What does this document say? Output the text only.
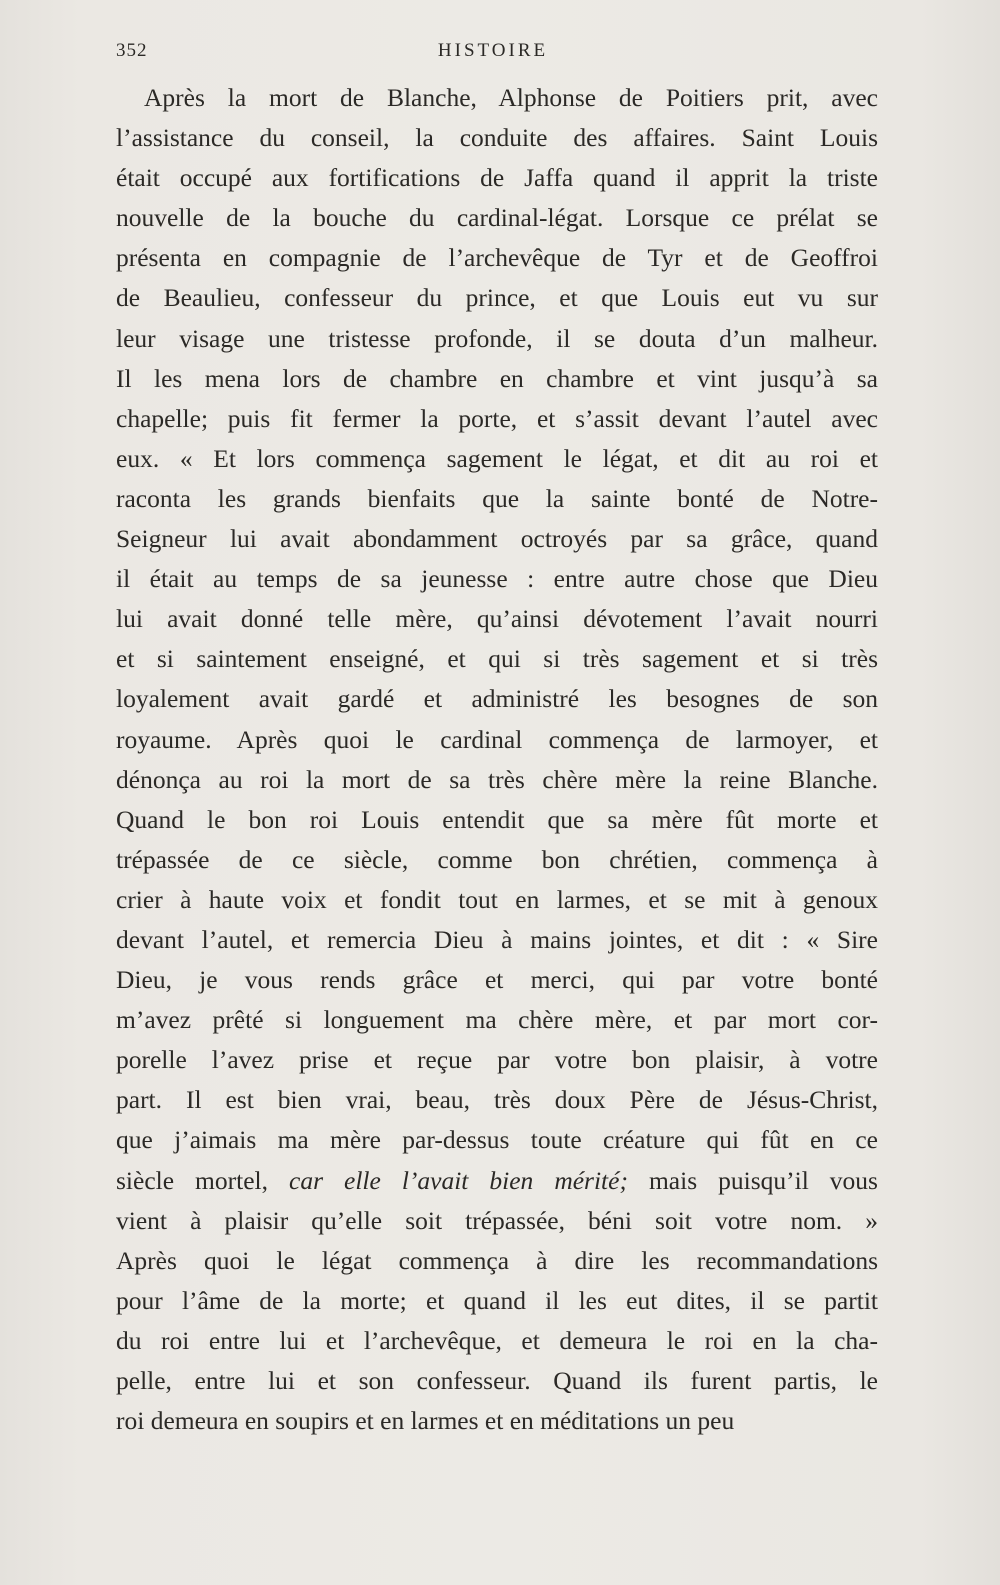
352	HISTOIRE
Après la mort de Blanche, Alphonse de Poitiers prit, avec
l’assistance du conseil, la conduite des affaires. Saint Louis
était occupé aux fortifications de Jaffa quand il apprit la triste
nouvelle de la bouche du cardinal-légat. Lorsque ce prélat se
présenta en compagnie de l’archevêque de Tyr et de Geoffroi
de Beaulieu, confesseur du prince, et que Louis eut vu sur
leur visage une tristesse profonde, il se douta d’un malheur.
Il les mena lors de chambre en chambre et vint jusqu’à sa
chapelle; puis fit fermer la porte, et s’assit devant l’autel avec
eux. « Et lors commença sagement le légat, et dit au roi et
raconta les grands bienfaits que la sainte bonté de Notre-
Seigneur lui avait abondamment octroyés par sa grâce, quand
il était au temps de sa jeunesse : entre autre chose que Dieu
lui avait donné telle mère, qu’ainsi dévotement l’avait nourri
et si saintement enseigné, et qui si très sagement et si très
loyalement avait gardé et administré les besognes de son
royaume. Après quoi le cardinal commença de larmoyer, et
dénonça au roi la mort de sa très chère mère la reine Blanche.
Quand le bon roi Louis entendit que sa mère fût morte et
trépassée de ce siècle, comme bon chrétien, commença à
crier à haute voix et fondit tout en larmes, et se mit à genoux
devant l’autel, et remercia Dieu à mains jointes, et dit : « Sire
Dieu, je vous rends grâce et merci, qui par votre bonté
m’avez prêté si longuement ma chère mère, et par mort cor-
porelle l’avez prise et reçue par votre bon plaisir, à votre
part. Il est bien vrai, beau, très doux Père de Jésus-Christ,
que j’aimais ma mère par-dessus toute créature qui fût en ce
siècle mortel, car elle l’avait bien mérité; mais puisqu’il vous
vient à plaisir qu’elle soit trépassée, béni soit votre nom. »
Après quoi le légat commença à dire les recommandations
pour l’âme de la morte; et quand il les eut dites, il se partit
du roi entre lui et l’archevêque, et demeura le roi en la cha-
pelle, entre lui et son confesseur. Quand ils furent partis, le
roi demeura en soupirs et en larmes et en méditations un peu
